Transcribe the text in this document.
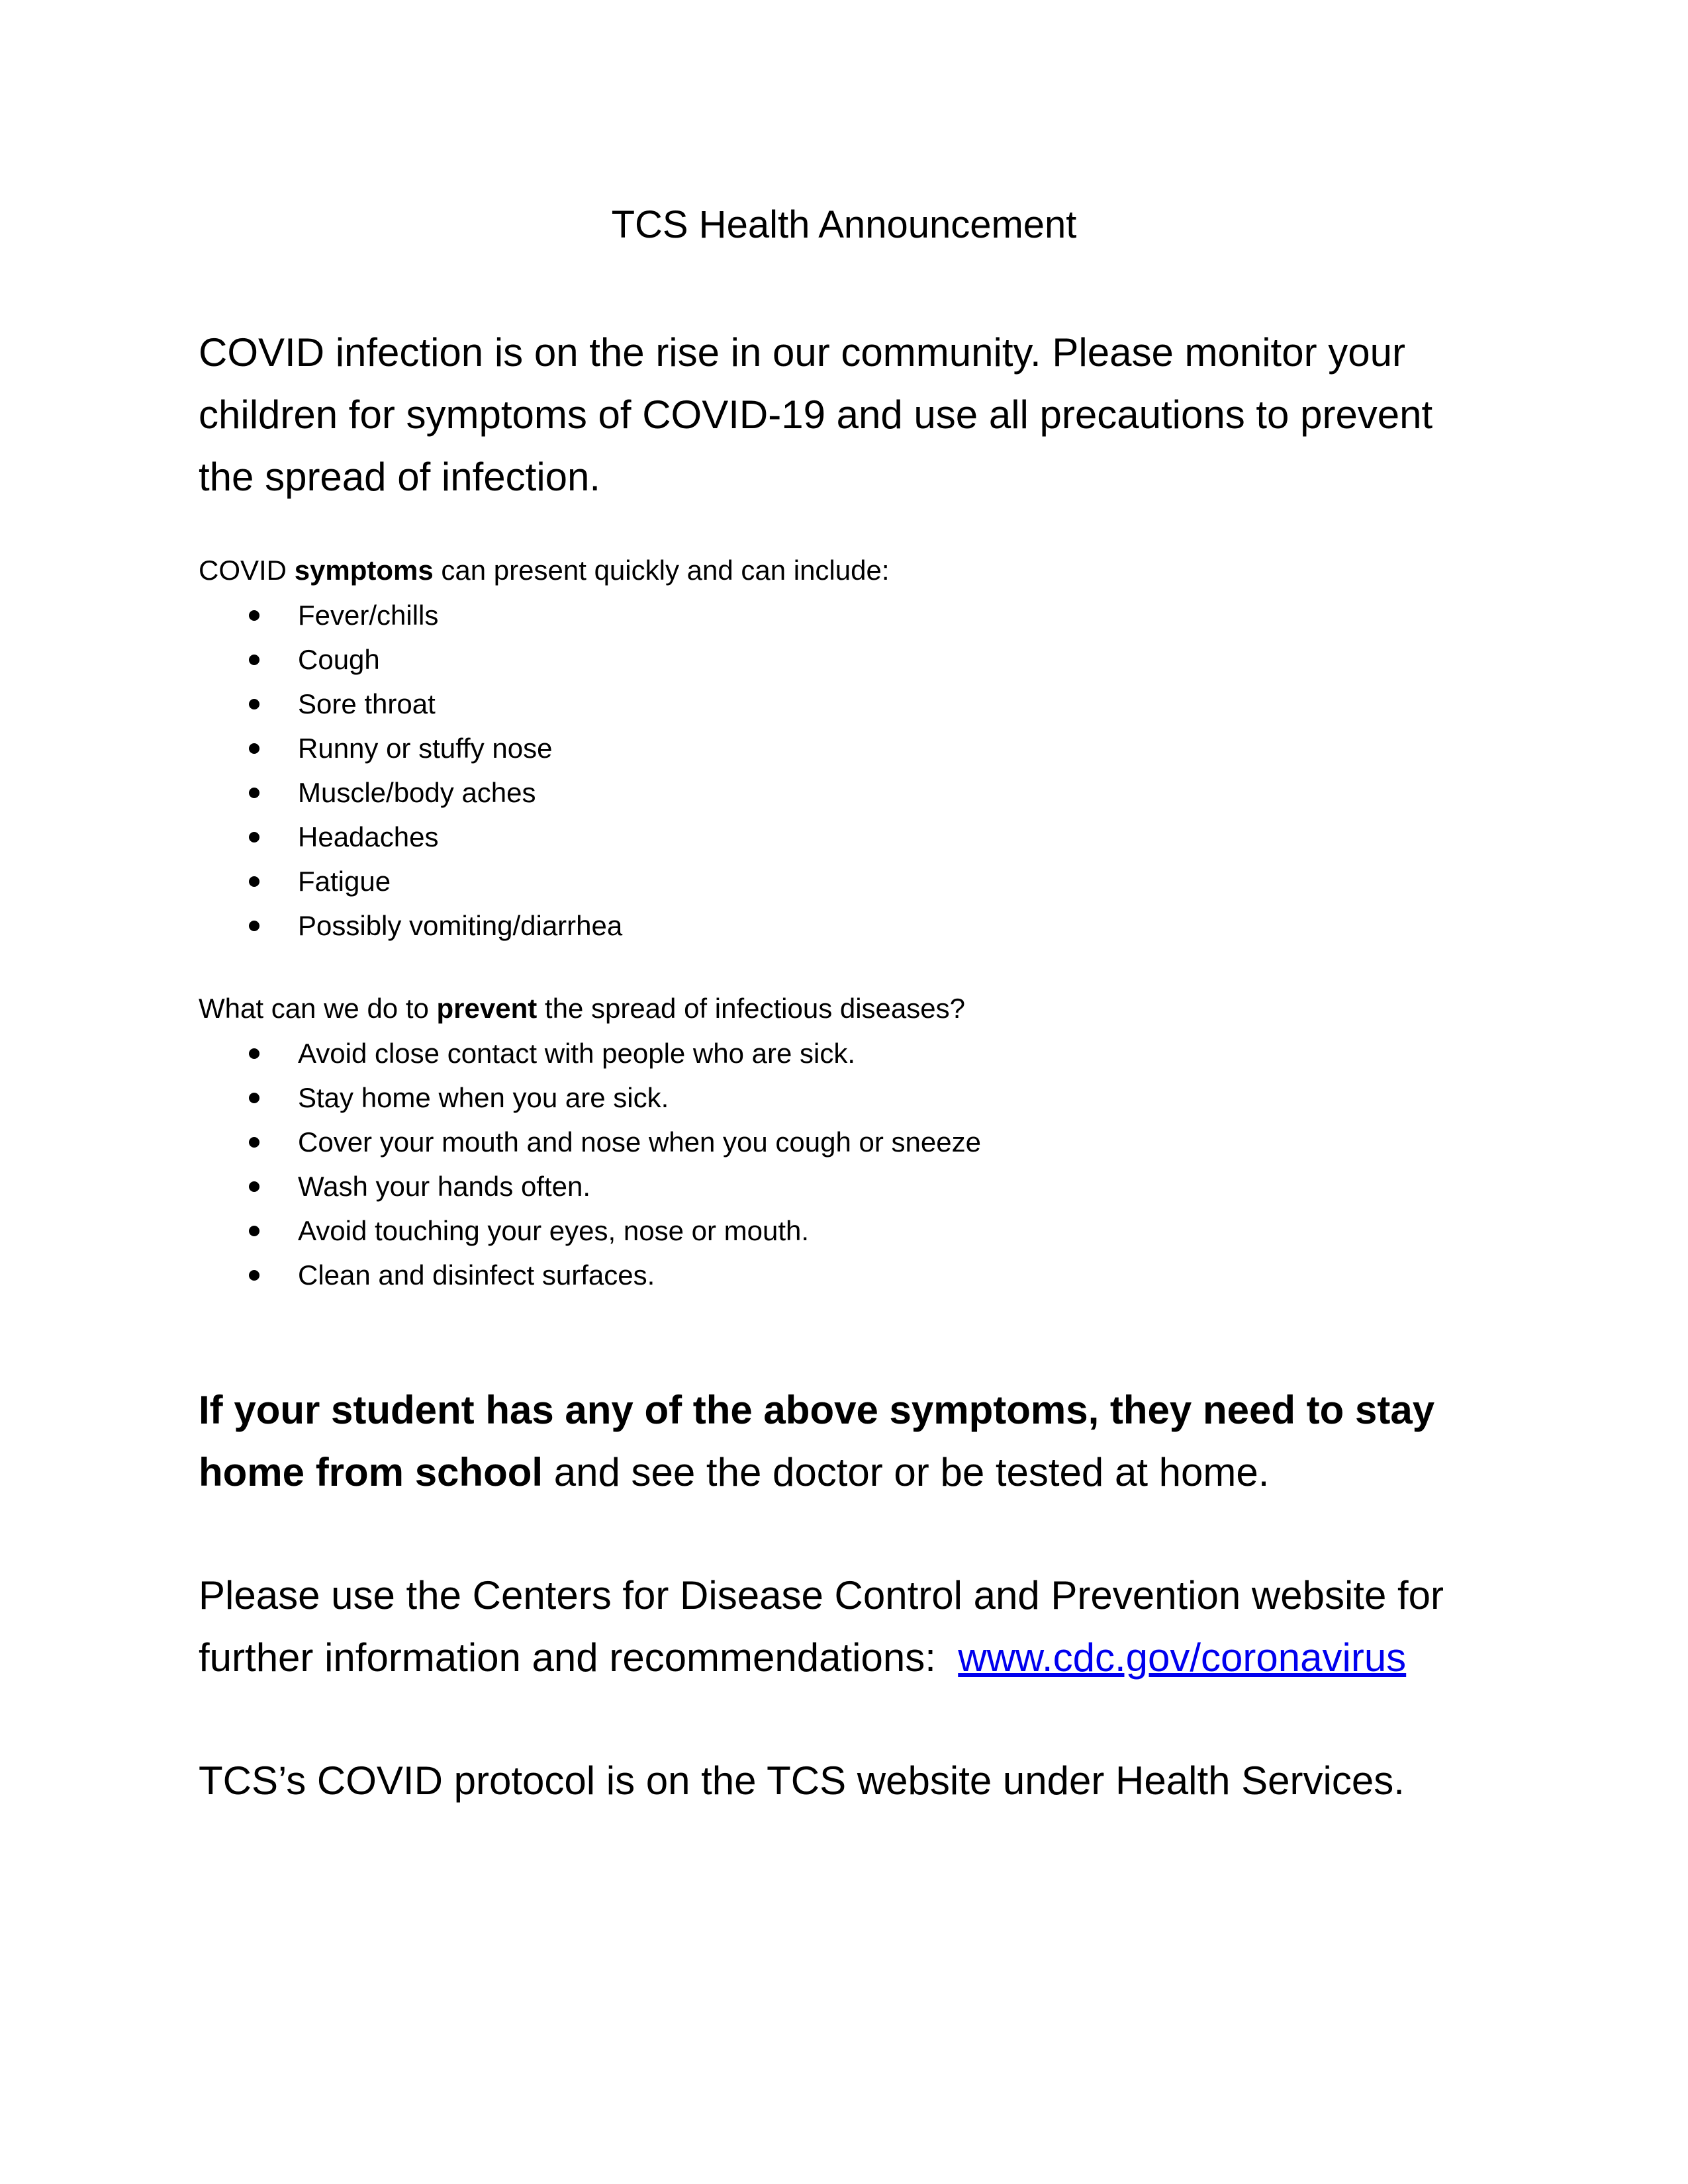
TCS Health Announcement

COVID infection is on the rise in our community. Please monitor your children for symptoms of COVID-19 and use all precautions to prevent the spread of infection.

COVID symptoms can present quickly and can include:

Fever/chills
Cough
Sore throat
Runny or stuffy nose
Muscle/body aches
Headaches
Fatigue
Possibly vomiting/diarrhea

What can we do to prevent the spread of infectious diseases?

Avoid close contact with people who are sick.
Stay home when you are sick.
Cover your mouth and nose when you cough or sneeze
Wash your hands often.
Avoid touching your eyes, nose or mouth.
Clean and disinfect surfaces.

If your student has any of the above symptoms, they need to stay home from school and see the doctor or be tested at home.

Please use the Centers for Disease Control and Prevention website for further information and recommendations:  www.cdc.gov/coronavirus

TCS’s COVID protocol is on the TCS website under Health Services.
